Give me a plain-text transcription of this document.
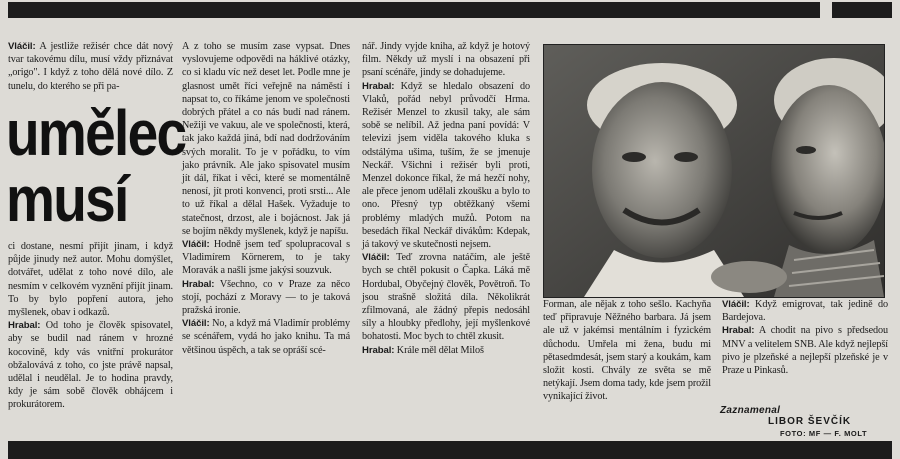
Vláčil: A jestliže režisér chce dát nový tvar takovému dílu, musí vždy přiznávat „origo". I když z toho dělá nové dílo. Z tunelu, do kterého se při pa-

umělec
musí

ci dostane, nesmí přijít jinam, i když půjde jinudy než autor. Mohu domýšlet, dotvářet, udělat z toho nové dílo, ale nesmím v celkovém vyznění přijít jinam. To by bylo popření autora, jeho myšlenek, obav i odkazů.

Hrabal: Od toho je člověk spisovatel, aby se budil nad ránem v hrozné kocovině, kdy vás vnitřní prokurátor obžalovává z toho, co jste právě napsal, udělal i neudělal. Je to hodina pravdy, kdy je sám sobě člověk obhájcem i prokurátorem.

A z toho se musím zase vypsat. Dnes vyslovujeme odpovědi na háklivé otázky, co si kladu víc než deset let. Podle mne je glasnost umět říci veřejně na náměstí i napsat to, co říkáme jenom ve společnosti dobrých přátel a co nás budí nad ránem. Nežiji ve vakuu, ale ve společnosti, která, tak jako každá jiná, bdí nad dodržováním svých moralit. To je v pořádku, to vím jako právník. Ale jako spisovatel musím jít dál, říkat i věci, které se momentálně nenosí, jít proti konvenci, proti srsti... Ale to už říkal a dělal Hašek. Vyžaduje to statečnost, drzost, ale i bojácnost. Jak já se bojím někdy myšlenek, když je napíšu.

Vláčil: Hodně jsem teď spolupracoval s Vladimírem Körnerem, to je taky Moravák a našli jsme jakýsi souzvuk.

Hrabal: Všechno, co v Praze za něco stojí, pochází z Moravy — to je taková pražská ironie.

Vláčil: No, a když má Vladimír problémy se scénářem, vydá ho jako knihu. Ta má většinou úspěch, a tak se opráší scé-

nář. Jindy vyjde kniha, až když je hotový film. Někdy už myslí i na obsazení při psaní scénáře, jindy se dohadujeme.

Hrabal: Když se hledalo obsazení do Vlaků, pořád nebyl průvodčí Hrma. Režisér Menzel to zkusil taky, ale sám sobě se nelíbil. Až jedna paní povídá: V televizi jsem viděla takového kluka s odstálýma ušima, tuším, že se jmenuje Neckář. Všichni i režisér byli proti, Menzel dokonce říkal, že má hezčí nohy, ale přece jenom udělali zkoušku a bylo to ono. Přesný typ obtěžkaný všemi problémy mladých mužů. Potom na besedách říkal Neckář divákům: Kdepak, já takový ve skutečnosti nejsem.

Vláčil: Teď zrovna natáčím, ale ještě bych se chtěl pokusit o Čapka. Láká mě Hordubal, Obyčejný člověk, Povětroň. To jsou strašně složitá díla. Několikrát zfilmovaná, ale žádný přepis nedosáhl síly a hloubky předlohy, její myšlenkové bohatosti. Moc bych to chtěl zkusit.

Hrabal: Krále měl dělat Miloš

Forman, ale nějak z toho sešlo. Kachyňa teď připravuje Něžného barbara. Já jsem ale už v jakémsi mentálním i fyzickém důchodu. Umřela mi žena, budu mi pětasedmdesát, jsem starý a koukám, kam složit kosti. Chvály ze světa se mě netýkají. Jsem doma tady, kde jsem prožil vynikající život.

Vláčil: Když emigrovat, tak jedině do Bardejova.

Hrabal: A chodit na pivo s předsedou MNV a velitelem SNB. Ale když nejlepší pivo je plzeňské a nejlepší plzeňské je v Praze u Pinkasů.

Zaznamenal
LIBOR ŠEVČÍK
FOTO: MF — F. MOLT
